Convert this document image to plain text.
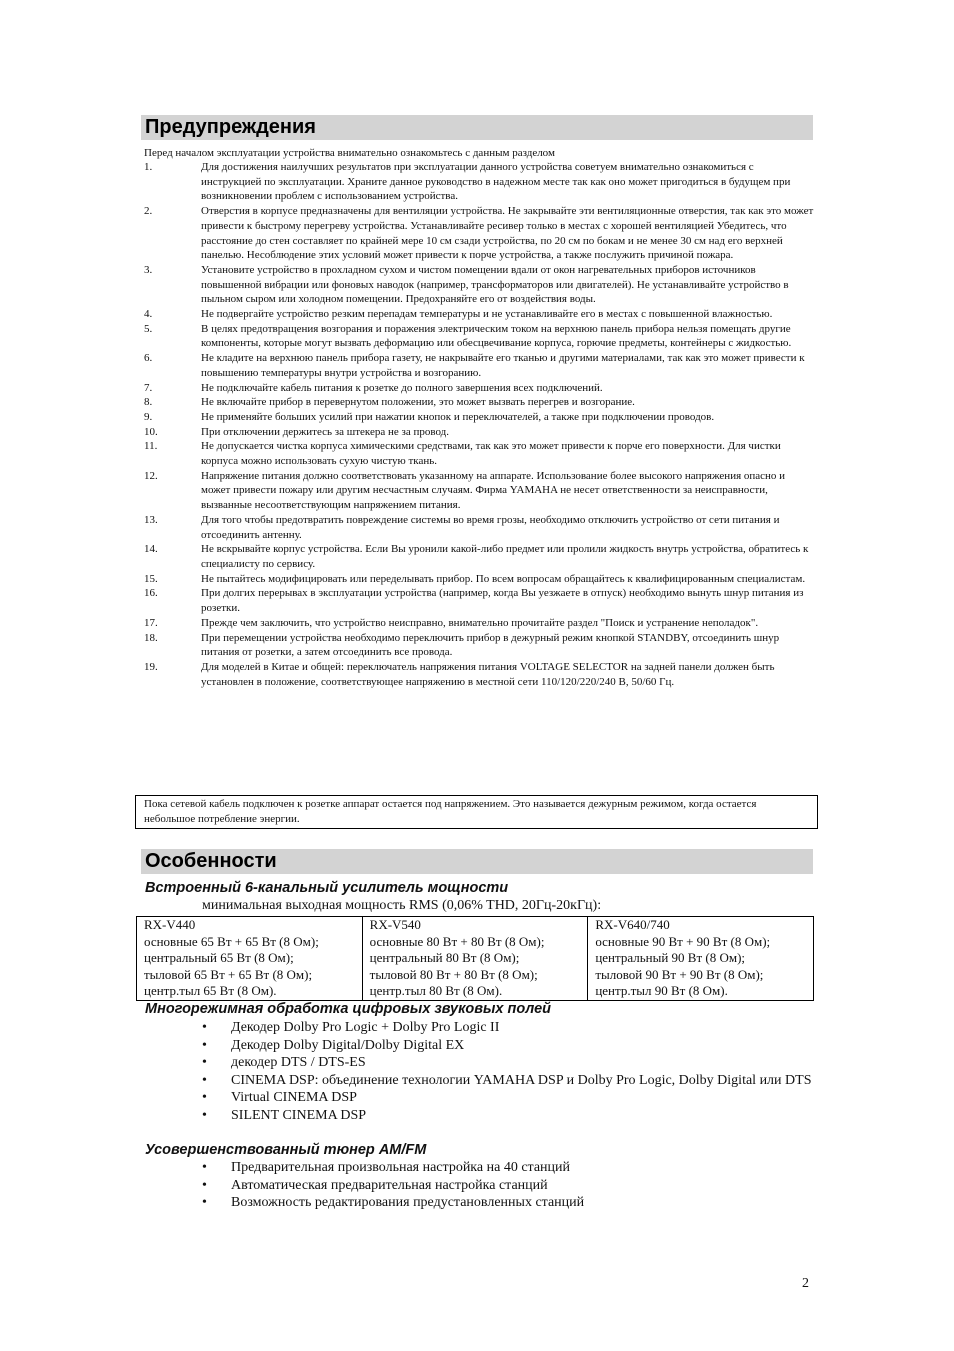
Предупреждения
Перед началом эксплуатации устройства внимательно ознакомьтесь с данным разделом
1.	Для достижения наилучших результатов при эксплуатации данного устройства советуем внимательно ознакомиться с инструкцией по эксплуатации. Храните данное руководство в надежном месте так как оно может пригодиться в будущем при возникновении проблем с использованием устройства.
2.	Отверстия в корпусе предназначены для вентиляции устройства. Не закрывайте эти вентиляционные отверстия, так как это может привести к быстрому перегреву устройства. Устанавливайте ресивер только в местах с хорошей вентиляцией Убедитесь, что расстояние до стен составляет по крайней мере 10 см сзади устройства, по 20 см по бокам и не менее 30 см над его верхней панелью. Несоблюдение этих условий может привести к порче устройства, а также послужить причиной пожара.
3.	Установите устройство в прохладном сухом и чистом помещении вдали от окон нагревательных приборов источников повышенной вибрации или фоновых наводок (например, трансформаторов или двигателей). Не устанавливайте устройство в пыльном сыром или холодном помещении. Предохраняйте его от воздействия воды.
4.	Не подвергайте устройство резким перепадам температуры и не устанавливайте его в местах с повышенной влажностью.
5.	В целях предотвращения возгорания и поражения электрическим током на верхнюю панель прибора нельзя помещать другие компоненты, которые могут вызвать деформацию или обесцвечивание корпуса, горючие предметы, контейнеры с жидкостью.
6.	Не кладите на верхнюю панель прибора газету, не накрывайте его тканью и другими материалами, так как это может привести к повышению температуры внутри устройства и возгоранию.
7.	Не подключайте кабель питания к розетке до полного завершения всех подключений.
8.	Не включайте прибор в перевернутом положении, это может вызвать перегрев и возгорание.
9.	Не применяйте больших усилий при нажатии кнопок и переключателей, а также при подключении проводов.
10.	При отключении держитесь за штекера не за провод.
11.	Не допускается чистка корпуса химическими средствами, так как это может привести к порче его поверхности. Для чистки корпуса можно использовать сухую чистую ткань.
12.	Напряжение питания должно соответствовать указанному на аппарате. Использование более высокого напряжения опасно и может привести пожару или другим несчастным случаям. Фирма YAMAHA не несет ответственности за неисправности, вызванные несоответствующим напряжением питания.
13.	Для того чтобы предотвратить повреждение системы во время грозы, необходимо отключить устройство от сети питания и отсоединить антенну.
14.	Не вскрывайте корпус устройства. Если Вы уронили какой-либо предмет или пролили жидкость внутрь устройства, обратитесь к специалисту по сервису.
15.	Не пытайтесь модифицировать или переделывать прибор. По всем вопросам обращайтесь к квалифицированным специалистам.
16.	При долгих перерывах в эксплуатации устройства (например, когда Вы уезжаете в отпуск) необходимо вынуть шнур питания из розетки.
17.	Прежде чем заключить, что устройство неисправно, внимательно прочитайте раздел "Поиск и устранение неполадок".
18.	При перемещении устройства необходимо переключить прибор в дежурный режим кнопкой STANDBY, отсоединить шнур питания от розетки, а затем отсоединить все провода.
19.	Для моделей в Китае и общей: переключатель напряжения питания VOLTAGE SELECTOR на задней панели должен быть установлен в положение, соответствующее напряжению в местной сети 110/120/220/240 В, 50/60 Гц.
Пока сетевой кабель подключен к розетке аппарат остается под напряжением. Это называется дежурным режимом, когда остается небольшое потребление энергии.
Особенности
Встроенный 6-канальный усилитель мощности
минимальная выходная мощность RMS (0,06% THD, 20Гц-20кГц):
RX-V440
основные 65 Вт + 65 Вт (8 Ом);
центральный 65 Вт (8 Ом);
тыловой 65 Вт + 65 Вт (8 Ом);
центр.тыл 65 Вт (8 Ом).

RX-V540
основные 80 Вт + 80 Вт (8 Ом);
центральный 80 Вт (8 Ом);
тыловой 80 Вт + 80 Вт (8 Ом);
центр.тыл 80 Вт (8 Ом).

RX-V640/740
основные 90 Вт + 90 Вт (8 Ом);
центральный 90 Вт (8 Ом);
тыловой 90 Вт + 90 Вт (8 Ом);
центр.тыл 90 Вт (8 Ом).
Многорежимная обработка цифровых звуковых полей
• Декодер Dolby Pro Logic + Dolby Pro Logic II
• Декодер Dolby Digital/Dolby Digital EX
• декодер DTS / DTS-ES
• CINEMA DSP: объединение технологии YAMAHA DSP и Dolby Pro Logic, Dolby Digital или DTS
• Virtual CINEMA DSP
• SILENT CINEMA DSP
Усовершенствованный тюнер AM/FM
• Предварительная произвольная настройка на 40 станций
• Автоматическая предварительная настройка станций
• Возможность редактирования предустановленных станций
2
